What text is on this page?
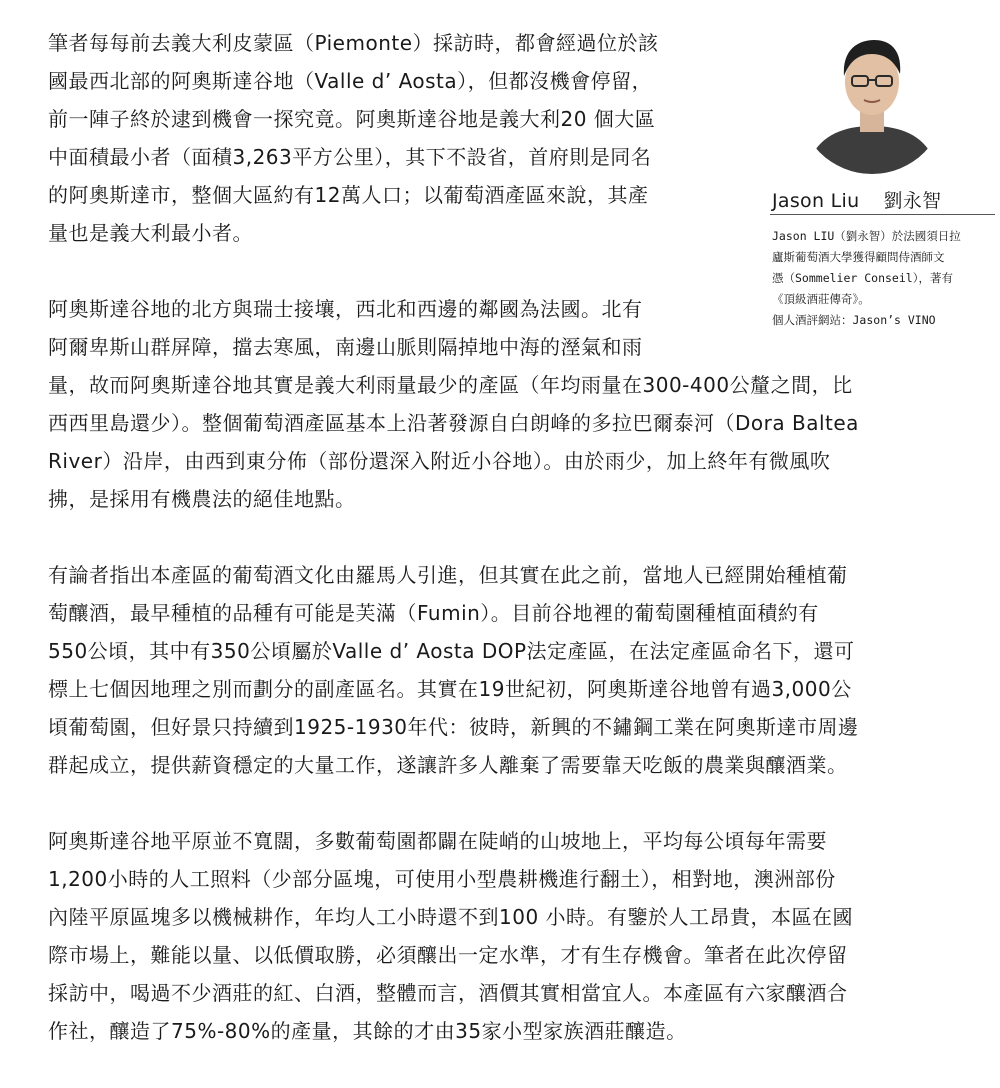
筆者每每前去義大利皮蒙區（Piemonte）採訪時，都會經過位於該
國最西北部的阿奧斯達谷地（Valle d’ Aosta），但都沒機會停留，
前一陣子終於逮到機會一探究竟。阿奧斯達谷地是義大利20 個大區
中面積最小者（面積3,263平方公里），其下不設省，首府則是同名
的阿奧斯達市，整個大區約有12萬人口；以葡萄酒產區來說，其產
量也是義大利最小者。
阿奧斯達谷地的北方與瑞士接壤，西北和西邊的鄰國為法國。北有
阿爾卑斯山群屏障，擋去寒風，南邊山脈則隔掉地中海的溼氣和雨
量，故而阿奧斯達谷地其實是義大利雨量最少的產區（年均雨量在300-400公釐之間，比
西西里島還少）。整個葡萄酒產區基本上沿著發源自白朗峰的多拉巴爾泰河（Dora Baltea
River）沿岸，由西到東分佈（部份還深入附近小谷地）。由於雨少，加上終年有微風吹
拂，是採用有機農法的絕佳地點。
有論者指出本產區的葡萄酒文化由羅馬人引進，但其實在此之前，當地人已經開始種植葡
萄釀酒，最早種植的品種有可能是芙滿（Fumin）。目前谷地裡的葡萄園種植面積約有
550公頃，其中有350公頃屬於Valle d’ Aosta DOP法定產區，在法定產區命名下，還可
標上七個因地理之別而劃分的副產區名。其實在19世紀初，阿奧斯達谷地曾有過3,000公
頃葡萄園，但好景只持續到1925-1930年代：彼時，新興的不鏽鋼工業在阿奧斯達市周邊
群起成立，提供薪資穩定的大量工作，遂讓許多人離棄了需要靠天吃飯的農業與釀酒業。
阿奧斯達谷地平原並不寬闊，多數葡萄園都闢在陡峭的山坡地上，平均每公頃每年需要
1,200小時的人工照料（少部分區塊，可使用小型農耕機進行翻土），相對地，澳洲部份
內陸平原區塊多以機械耕作，年均人工小時還不到100 小時。有鑒於人工昂貴，本區在國
際市場上，難能以量、以低價取勝，必須釀出一定水準，才有生存機會。筆者在此次停留
採訪中，喝過不少酒莊的紅、白酒，整體而言，酒價其實相當宜人。本產區有六家釀酒合
作社，釀造了75%-80%的產量，其餘的才由35家小型家族酒莊釀造。
Jason Liu 劉永智
Jason LIU（劉永智）於法國須日拉
廬斯葡萄酒大學獲得顧問侍酒師文
憑（Sommelier Conseil），著有
《頂級酒莊傳奇》。
個人酒評網站：Jason’s VINO
